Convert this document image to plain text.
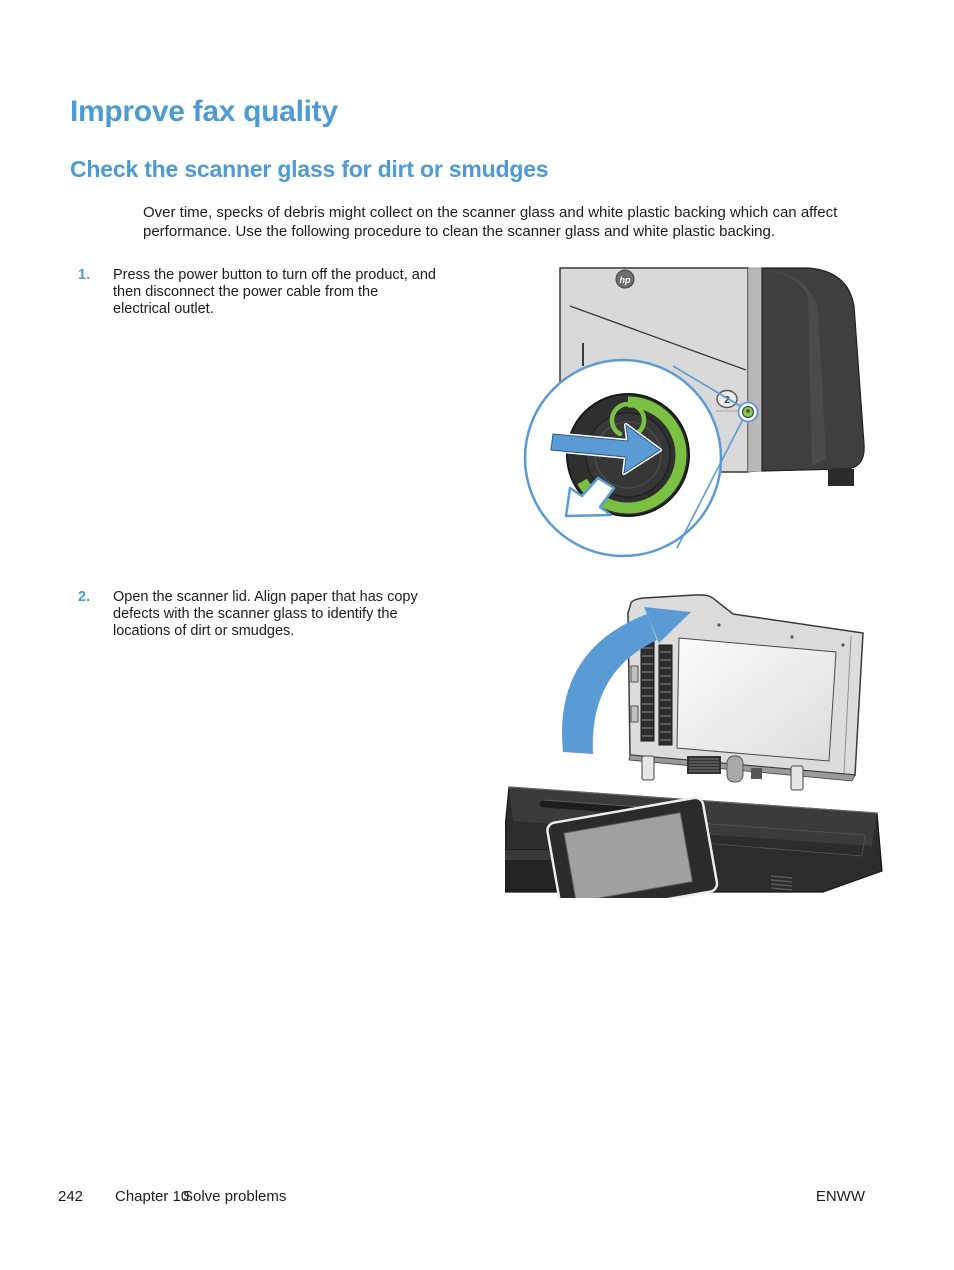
Improve fax quality
Check the scanner glass for dirt or smudges

Over time, specks of debris might collect on the scanner glass and white plastic backing which can affect performance. Use the following procedure to clean the scanner glass and white plastic backing.

1. Press the power button to turn off the product, and then disconnect the power cable from the electrical outlet.
2. Open the scanner lid. Align paper that has copy defects with the scanner glass to identify the locations of dirt or smudges.
hp
2
242 Chapter 10
Solve problems	ENWW
